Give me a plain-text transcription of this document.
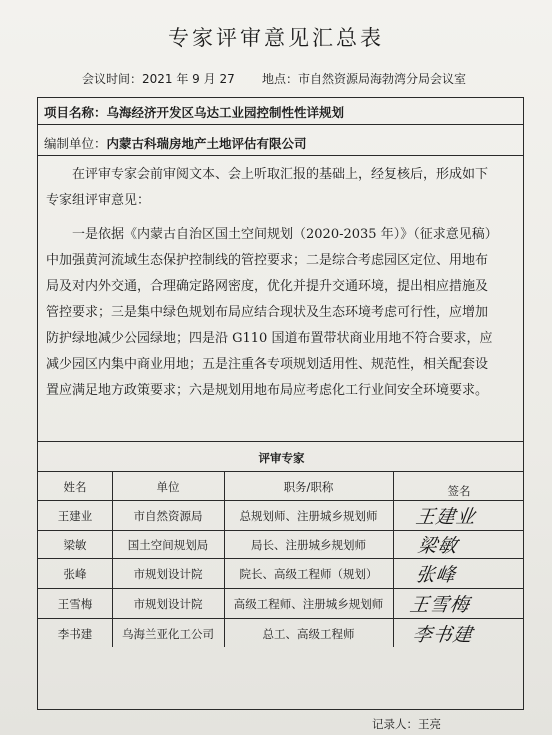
专家评审意见汇总表
会议时间：2021 年 9 月 27 地点：市自然资源局海勃湾分局会议室
项目名称：乌海经济开发区乌达工业园控制性性详规划
编制单位：内蒙古科瑞房地产土地评估有限公司
　　在评审专家会前审阅文本、会上听取汇报的基础上，经复核后，形成如下
专家组评审意见：
　　一是依据《内蒙古自治区国土空间规划（2020-2035 年）》（征求意见稿）
中加强黄河流域生态保护控制线的管控要求；二是综合考虑园区定位、用地布
局及对内外交通，合理确定路网密度，优化并提升交通环境，提出相应措施及
管控要求；三是集中绿色规划布局应结合现状及生态环境考虑可行性，应增加
防护绿地减少公园绿地；四是沿 G110 国道布置带状商业用地不符合要求，应
减少园区内集中商业用地；五是注重各专项规划适用性、规范性，相关配套设
置应满足地方政策要求；六是规划用地布局应考虑化工行业间安全环境要求。
评审专家
姓名	单位	职务/职称	签名
王建业	市自然资源局	总规划师、注册城乡规划师	王建业
梁敏	国土空间规划局	局长、注册城乡规划师	梁敏
张峰	市规划设计院	院长、高级工程师（规划）	张峰
王雪梅	市规划设计院	高级工程师、注册城乡规划师	王雪梅
李书建	乌海兰亚化工公司	总工、高级工程师	李书建
记录人：王亮
